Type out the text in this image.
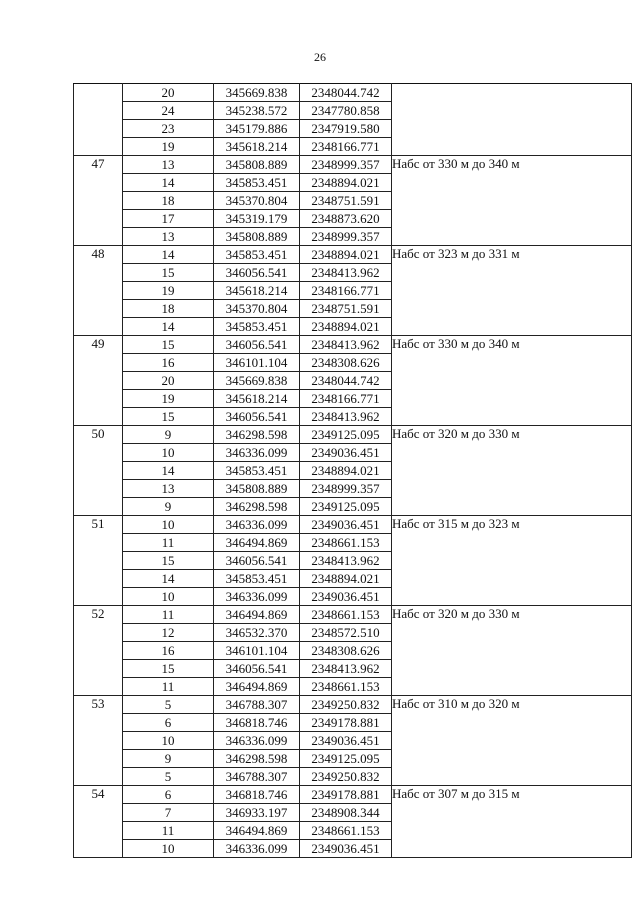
26
	20	345669.838	2348044.742	
	24	345238.572	2347780.858	
	23	345179.886	2347919.580	
	19	345618.214	2348166.771	
47	13	345808.889	2348999.357	Набс от 330 м до 340 м
	14	345853.451	2348894.021	
	18	345370.804	2348751.591	
	17	345319.179	2348873.620	
	13	345808.889	2348999.357	
48	14	345853.451	2348894.021	Набс от 323 м до 331 м
	15	346056.541	2348413.962	
	19	345618.214	2348166.771	
	18	345370.804	2348751.591	
	14	345853.451	2348894.021	
49	15	346056.541	2348413.962	Набс от 330 м до 340 м
	16	346101.104	2348308.626	
	20	345669.838	2348044.742	
	19	345618.214	2348166.771	
	15	346056.541	2348413.962	
50	9	346298.598	2349125.095	Набс от 320 м до 330 м
	10	346336.099	2349036.451	
	14	345853.451	2348894.021	
	13	345808.889	2348999.357	
	9	346298.598	2349125.095	
51	10	346336.099	2349036.451	Набс от 315 м до 323 м
	11	346494.869	2348661.153	
	15	346056.541	2348413.962	
	14	345853.451	2348894.021	
	10	346336.099	2349036.451	
52	11	346494.869	2348661.153	Набс от 320 м до 330 м
	12	346532.370	2348572.510	
	16	346101.104	2348308.626	
	15	346056.541	2348413.962	
	11	346494.869	2348661.153	
53	5	346788.307	2349250.832	Набс от 310 м до 320 м
	6	346818.746	2349178.881	
	10	346336.099	2349036.451	
	9	346298.598	2349125.095	
	5	346788.307	2349250.832	
54	6	346818.746	2349178.881	Набс от 307 м до 315 м
	7	346933.197	2348908.344	
	11	346494.869	2348661.153	
	10	346336.099	2349036.451	
